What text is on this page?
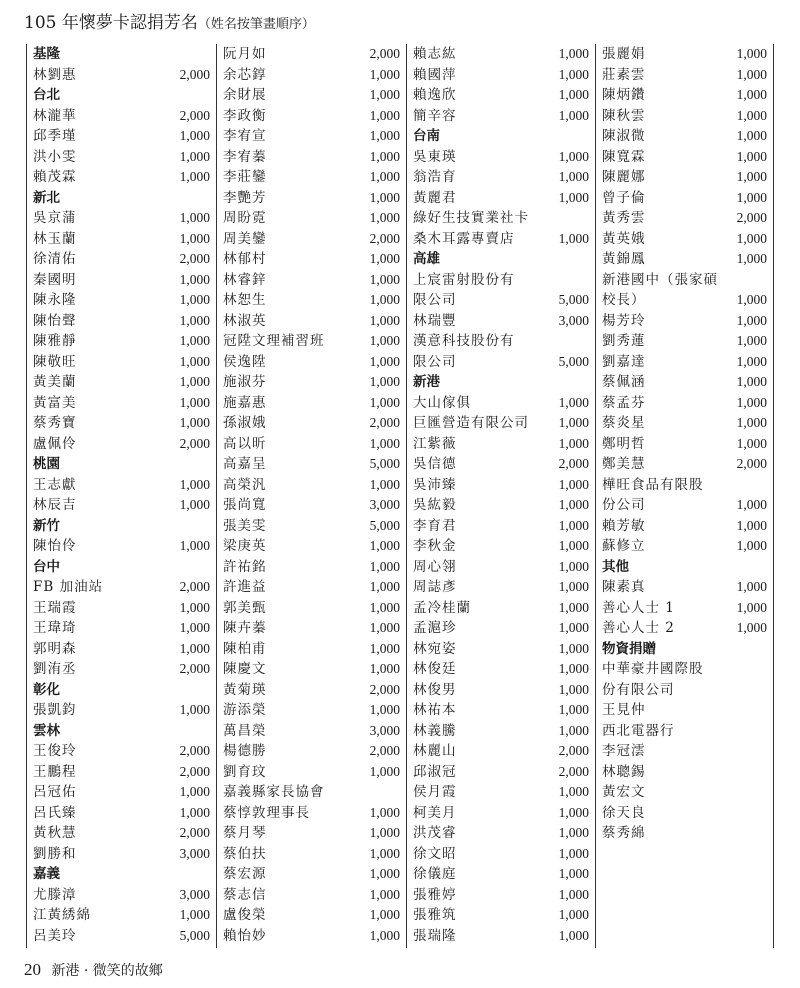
105 年懷夢卡認捐芳名（姓名按筆畫順序）
基隆
林劉惠	2,000
台北
林瀧華	2,000
邱季瑾	1,000
洪小雯	1,000
賴茂霖	1,000
新北
吳京蒲	1,000
林玉蘭	1,000
徐清佑	2,000
秦國明	1,000
陳永隆	1,000
陳怡聲	1,000
陳雅靜	1,000
陳敬旺	1,000
黃美蘭	1,000
黃富美	1,000
蔡秀寶	1,000
盧佩伶	2,000
桃園
王志獻	1,000
林辰吉	1,000
新竹
陳怡伶	1,000
台中
FB 加油站	2,000
王瑞霞	1,000
王瑋琦	1,000
郭明森	1,000
劉洧丞	2,000
彰化
張凱鈞	1,000
雲林
王俊玲	2,000
王鵬程	2,000
呂冠佑	1,000
呂氏臻	1,000
黃秋慧	2,000
劉勝和	3,000
嘉義
尤滕漳	3,000
江黃綉綿	1,000
呂美玲	5,000
阮月如	2,000
余芯錞	1,000
余財展	1,000
李政衡	1,000
李宥宣	1,000
李宥蓁	1,000
李莊鑾	1,000
李艷芳	1,000
周盼霓	1,000
周美鑾	2,000
林郁村	1,000
林睿鋅	1,000
林恕生	1,000
林淑英	1,000
冠陞文理補習班	1,000
侯逸陞	1,000
施淑芬	1,000
施嘉惠	1,000
孫淑娥	2,000
高以昕	1,000
高嘉呈	5,000
高榮汎	1,000
張尚寬	3,000
張美雯	5,000
梁庚英	1,000
許祐銘	1,000
許進益	1,000
郭美甄	1,000
陳卉蓁	1,000
陳柏甫	1,000
陳慶文	1,000
黃菊瑛	2,000
游添榮	1,000
萬昌榮	3,000
楊德勝	2,000
劉育玟	1,000
嘉義縣家長協會
蔡惇敦理事長	1,000
蔡月琴	1,000
蔡伯扶	1,000
蔡宏源	1,000
蔡志信	1,000
盧俊榮	1,000
賴怡妙	1,000
賴志紘	1,000
賴國萍	1,000
賴逸欣	1,000
簡辛容	1,000
台南
吳東瑛	1,000
翁浩育	1,000
黃麗君	1,000
綠好生技實業社卡
桑木耳露專賣店	1,000
高雄
上宸雷射股份有
限公司	5,000
林瑞豐	3,000
漢意科技股份有
限公司	5,000
新港
大山傢俱	1,000
巨匯營造有限公司 1,000
江紫薇	1,000
吳信德	2,000
吳沛臻	1,000
吳紘毅	1,000
李育君	1,000
李秋金	1,000
周心翎	1,000
周誌彥	1,000
孟冷桂蘭	1,000
孟滬珍	1,000
林宛姿	1,000
林俊廷	1,000
林俊男	1,000
林祐本	1,000
林義騰	1,000
林麗山	2,000
邱淑冠	2,000
侯月霞	1,000
柯美月	1,000
洪茂睿	1,000
徐文昭	1,000
徐儀庭	1,000
張雅婷	1,000
張雅筑	1,000
張瑞隆	1,000
張麗娟	1,000
莊素雲	1,000
陳炳鑽	1,000
陳秋雲	1,000
陳淑微	1,000
陳寬霖	1,000
陳麗娜	1,000
曾子倫	1,000
黃秀雲	2,000
黃英娥	1,000
黃錦鳳	1,000
新港國中（張家碩
校長）	1,000
楊芳玲	1,000
劉秀蓮	1,000
劉嘉達	1,000
蔡佩涵	1,000
蔡孟芬	1,000
蔡炎星	1,000
鄭明哲	1,000
鄭美慧	2,000
樺旺食品有限股
份公司	1,000
賴芳敏	1,000
蘇修立	1,000
其他
陳素真	1,000
善心人士 1	1,000
善心人士 2	1,000
物資捐贈
中華豪井國際股
份有限公司
王見仲
西北電器行
李冠澐
林聰錫
黃宏文
徐天良
蔡秀綿
20 新港 · 微笑的故鄉
